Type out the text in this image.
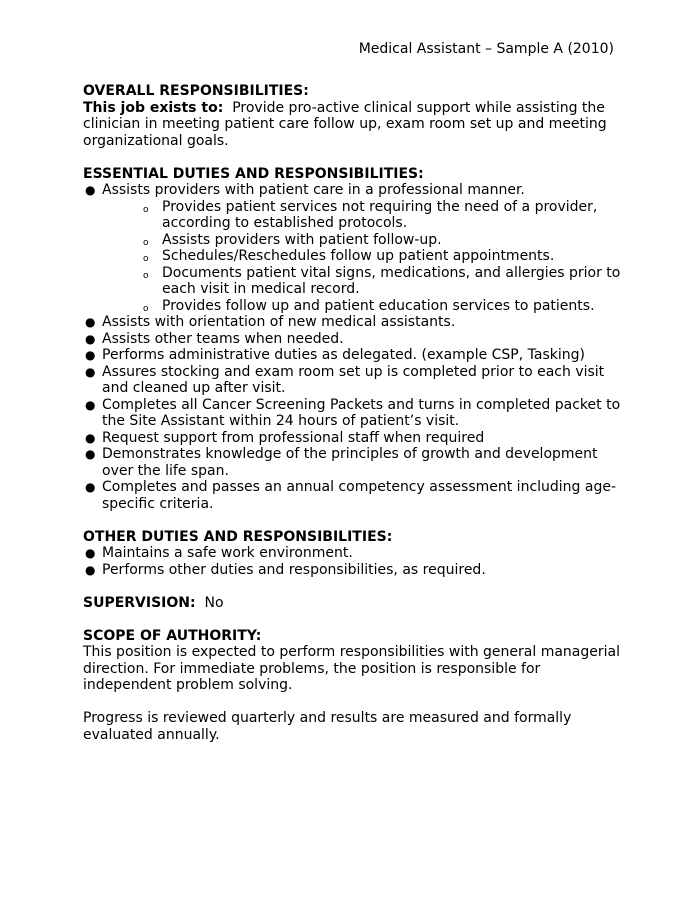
Medical Assistant – Sample A (2010)

OVERALL RESPONSIBILITIES:

This job exists to: Provide pro-active clinical support while assisting the clinician in meeting patient care follow up, exam room set up and meeting organizational goals.

ESSENTIAL DUTIES AND RESPONSIBILITIES:

● Assists providers with patient care in a professional manner.
o Provides patient services not requiring the need of a provider, according to established protocols.
o Assists providers with patient follow-up.
o Schedules/Reschedules follow up patient appointments.
o Documents patient vital signs, medications, and allergies prior to each visit in medical record.
o Provides follow up and patient education services to patients.
● Assists with orientation of new medical assistants.
● Assists other teams when needed.
● Performs administrative duties as delegated. (example CSP, Tasking)
● Assures stocking and exam room set up is completed prior to each visit and cleaned up after visit.
● Completes all Cancer Screening Packets and turns in completed packet to the Site Assistant within 24 hours of patient’s visit.
● Request support from professional staff when required
● Demonstrates knowledge of the principles of growth and development over the life span.
● Completes and passes an annual competency assessment including age-specific criteria.

OTHER DUTIES AND RESPONSIBILITIES:

● Maintains a safe work environment.
● Performs other duties and responsibilities, as required.

SUPERVISION: No

SCOPE OF AUTHORITY:

This position is expected to perform responsibilities with general managerial direction. For immediate problems, the position is responsible for independent problem solving.

Progress is reviewed quarterly and results are measured and formally evaluated annually.
